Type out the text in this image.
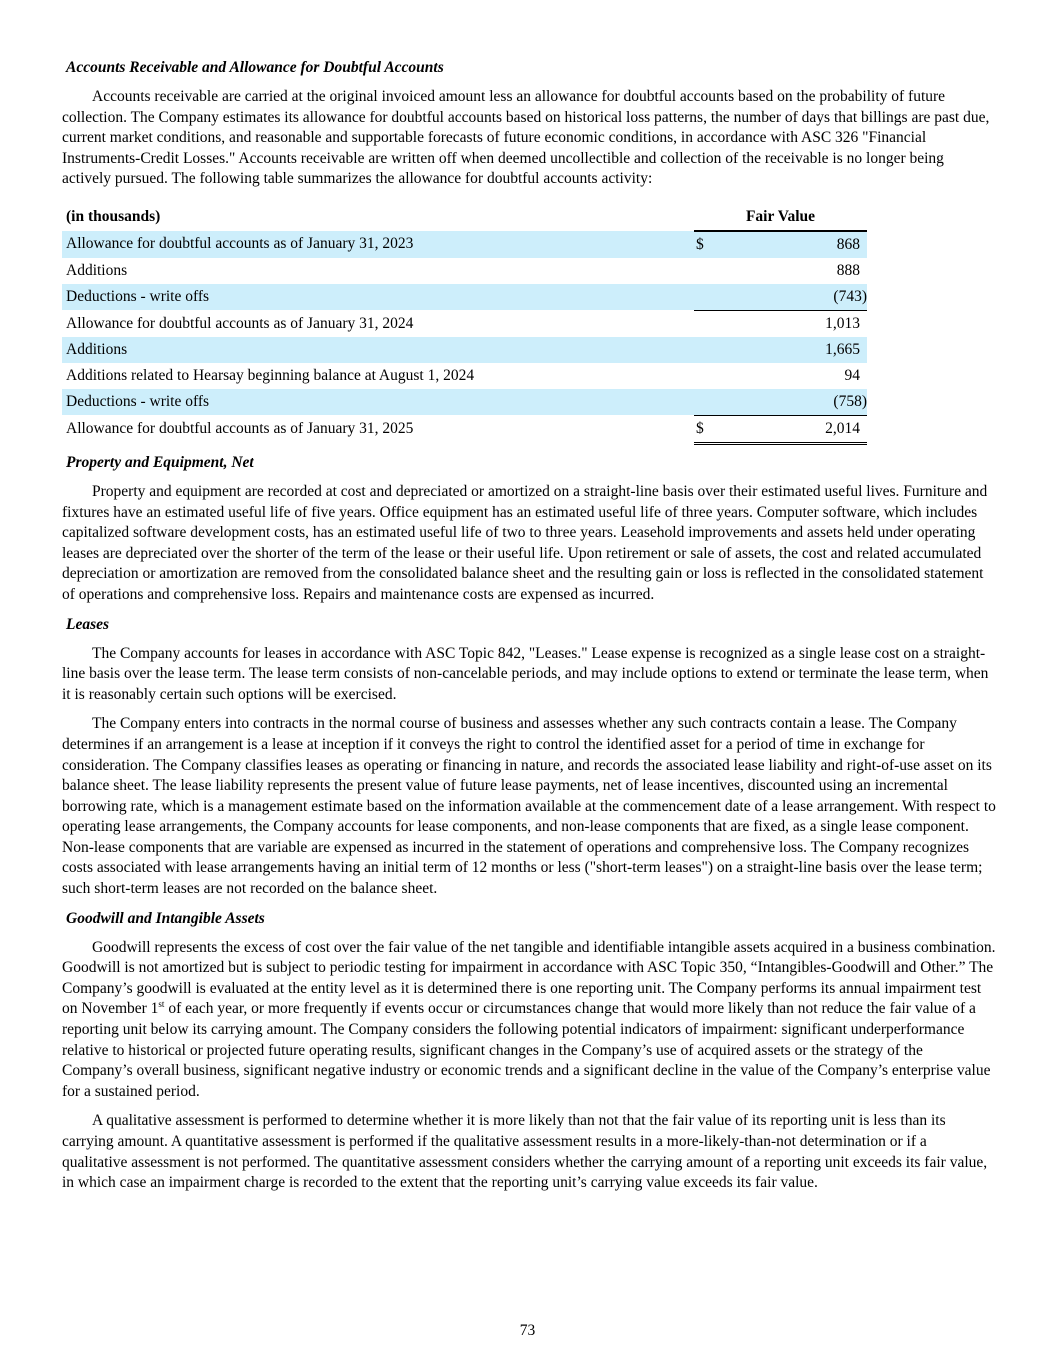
Accounts Receivable and Allowance for Doubtful Accounts

Accounts receivable are carried at the original invoiced amount less an allowance for doubtful accounts based on the probability of future collection. The Company estimates its allowance for doubtful accounts based on historical loss patterns, the number of days that billings are past due, current market conditions, and reasonable and supportable forecasts of future economic conditions, in accordance with ASC 326 "Financial Instruments-Credit Losses." Accounts receivable are written off when deemed uncollectible and collection of the receivable is no longer being actively pursued. The following table summarizes the allowance for doubtful accounts activity:

(in thousands)		Fair Value	
Allowance for doubtful accounts as of January 31, 2023		$	868
Additions			888
Deductions - write offs			(743)
Allowance for doubtful accounts as of January 31, 2024			1,013
Additions			1,665
Additions related to Hearsay beginning balance at August 1, 2024			94
Deductions - write offs			(758)
Allowance for doubtful accounts as of January 31, 2025		$	2,014
Property and Equipment, Net

Property and equipment are recorded at cost and depreciated or amortized on a straight-line basis over their estimated useful lives. Furniture and fixtures have an estimated useful life of five years. Office equipment has an estimated useful life of three years. Computer software, which includes capitalized software development costs, has an estimated useful life of two to three years. Leasehold improvements and assets held under operating leases are depreciated over the shorter of the term of the lease or their useful life. Upon retirement or sale of assets, the cost and related accumulated depreciation or amortization are removed from the consolidated balance sheet and the resulting gain or loss is reflected in the consolidated statement of operations and comprehensive loss. Repairs and maintenance costs are expensed as incurred.

Leases

The Company accounts for leases in accordance with ASC Topic 842, "Leases." Lease expense is recognized as a single lease cost on a straight-line basis over the lease term. The lease term consists of non-cancelable periods, and may include options to extend or terminate the lease term, when it is reasonably certain such options will be exercised.

The Company enters into contracts in the normal course of business and assesses whether any such contracts contain a lease. The Company determines if an arrangement is a lease at inception if it conveys the right to control the identified asset for a period of time in exchange for consideration. The Company classifies leases as operating or financing in nature, and records the associated lease liability and right-of-use asset on its balance sheet. The lease liability represents the present value of future lease payments, net of lease incentives, discounted using an incremental borrowing rate, which is a management estimate based on the information available at the commencement date of a lease arrangement. With respect to operating lease arrangements, the Company accounts for lease components, and non-lease components that are fixed, as a single lease component. Non-lease components that are variable are expensed as incurred in the statement of operations and comprehensive loss. The Company recognizes costs associated with lease arrangements having an initial term of 12 months or less ("short-term leases") on a straight-line basis over the lease term; such short-term leases are not recorded on the balance sheet.

Goodwill and Intangible Assets

Goodwill represents the excess of cost over the fair value of the net tangible and identifiable intangible assets acquired in a business combination. Goodwill is not amortized but is subject to periodic testing for impairment in accordance with ASC Topic 350, “Intangibles-Goodwill and Other.” The Company’s goodwill is evaluated at the entity level as it is determined there is one reporting unit. The Company performs its annual impairment test on November 1st of each year, or more frequently if events occur or circumstances change that would more likely than not reduce the fair value of a reporting unit below its carrying amount. The Company considers the following potential indicators of impairment: significant underperformance relative to historical or projected future operating results, significant changes in the Company’s use of acquired assets or the strategy of the Company’s overall business, significant negative industry or economic trends and a significant decline in the value of the Company’s enterprise value for a sustained period.

A qualitative assessment is performed to determine whether it is more likely than not that the fair value of its reporting unit is less than its carrying amount. A quantitative assessment is performed if the qualitative assessment results in a more-likely-than-not determination or if a qualitative assessment is not performed. The quantitative assessment considers whether the carrying amount of a reporting unit exceeds its fair value, in which case an impairment charge is recorded to the extent that the reporting unit’s carrying value exceeds its fair value.

73
